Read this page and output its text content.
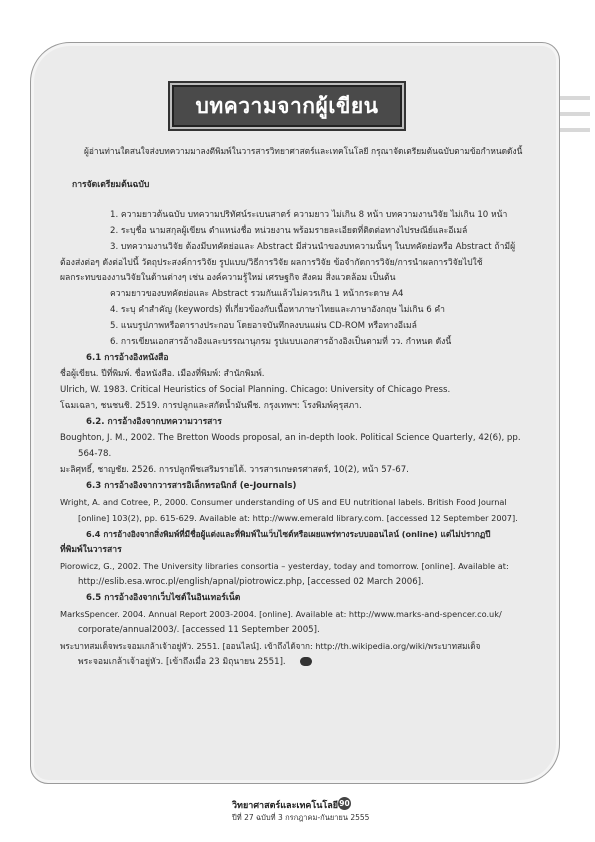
บทความจากผู้เขียน
ผู้อ่านท่านใดสนใจส่งบทความมาลงตีพิมพ์ในวารสารวิทยาศาสตร์และเทคโนโลยี กรุณาจัดเตรียมต้นฉบับตามข้อกำหนดดังนี้
การจัดเตรียมต้นฉบับ
1. ความยาวต้นฉบับ บทความปริทัศน์ระเบนสาตร์ ความยาว ไม่เกิน 8 หน้า บทความงานวิจัย ไม่เกิน 10 หน้า
2. ระบุชื่อ นามสกุลผู้เขียน ตำแหน่งชื่อ หน่วยงาน พร้อมรายละเอียดที่ติดต่อทางไปรษณีย์และอีเมล์
3. บทความงานวิจัย ต้องมีบทคัดย่อและ Abstract มีส่วนนำของบทความนั้นๆ ในบทคัดย่อหรือ Abstract ถ้ามีผู้
ต้องส่งต่อๆ ดังต่อไปนี้ วัตถุประสงค์การวิจัย รูปแบบ/วิธีการวิจัย ผลการวิจัย ข้อจำกัดการวิจัย/การนำผลการวิจัยไปใช้
ผลกระทบของงานวิจัยในด้านต่างๆ เช่น องค์ความรู้ใหม่ เศรษฐกิจ สังคม สิ่งแวดล้อม เป็นต้น
ความยาวของบทคัดย่อและ Abstract รวมกันแล้วไม่ควรเกิน 1 หน้ากระดาษ A4
4. ระบุ คำสำคัญ (keywords) ที่เกี่ยวข้องกับเนื้อหาภาษาไทยและภาษาอังกฤษ ไม่เกิน 6 คำ
5. แนบรูปภาพหรือตารางประกอบ โดยอาจบันทึกลงบนแผ่น CD-ROM หรือทางอีเมล์
6. การเขียนเอกสารอ้างอิงและบรรณานุกรม รูปแบบเอกสารอ้างอิงเป็นตามที่ วว. กำหนด ดังนี้
6.1 การอ้างอิงหนังสือ
ชื่อผู้เขียน. ปีที่พิมพ์. ชื่อหนังสือ. เมืองที่พิมพ์: สำนักพิมพ์.
Ulrich, W. 1983. Critical Heuristics of Social Planning. Chicago: University of Chicago Press.
โฉมเฉลา, ชนชนชิ. 2519. การปลูกและสกัดน้ำมันพืช. กรุงเทพฯ: โรงพิมพ์คุรุสภา.
6.2. การอ้างอิงจากบทความวารสาร
Boughton, J. M., 2002. The Bretton Woods proposal, an in-depth look. Political Science Quarterly, 42(6), pp.
564-78.
มะลิศุทธิ์, ชาญชัย. 2526. การปลูกพืชเสริมรายได้. วารสารเกษตรศาสตร์, 10(2), หน้า 57-67.
6.3 การอ้างอิงจากวารสารอิเล็กทรอนิกส์ (e-Journals)
Wright, A. and Cotree, P., 2000. Consumer understanding of US and EU nutritional labels. British Food Journal
[online] 103(2), pp. 615-629. Available at: http://www.emerald library.com. [accessed 12 September 2007].
6.4 การอ้างอิงจากสิ่งพิมพ์ที่มีชื่อผู้แต่งและที่พิมพ์ในเว็บไซต์หรือเผยแพร่ทางระบบออนไลน์ (online) แต่ไม่ปรากฏปี
ที่พิมพ์ในวารสาร
Piorowicz, G., 2002. The University libraries consortia – yesterday, today and tomorrow. [online]. Available at:
http://eslib.esa.wroc.pl/english/apnal/piotrowicz.php, [accessed 02 March 2006].
6.5 การอ้างอิงจากเว็บไซต์ในอินเทอร์เน็ต
MarksSpencer. 2004. Annual Report 2003-2004. [online]. Available at: http://www.marks-and-spencer.co.uk/
corporate/annual2003/. [accessed 11 September 2005].
พระบาทสมเด็จพระจอมเกล้าเจ้าอยู่หัว. 2551. [ออนไลน์]. เข้าถึงได้จาก: http://th.wikipedia.org/wiki/พระบาทสมเด็จ
พระจอมเกล้าเจ้าอยู่หัว. [เข้าถึงเมื่อ 23 มิถุนายน 2551].
วิทยาศาสตร์และเทคโนโลยี 90
ปีที่ 27 ฉบับที่ 3 กรกฎาคม-กันยายน 2555
